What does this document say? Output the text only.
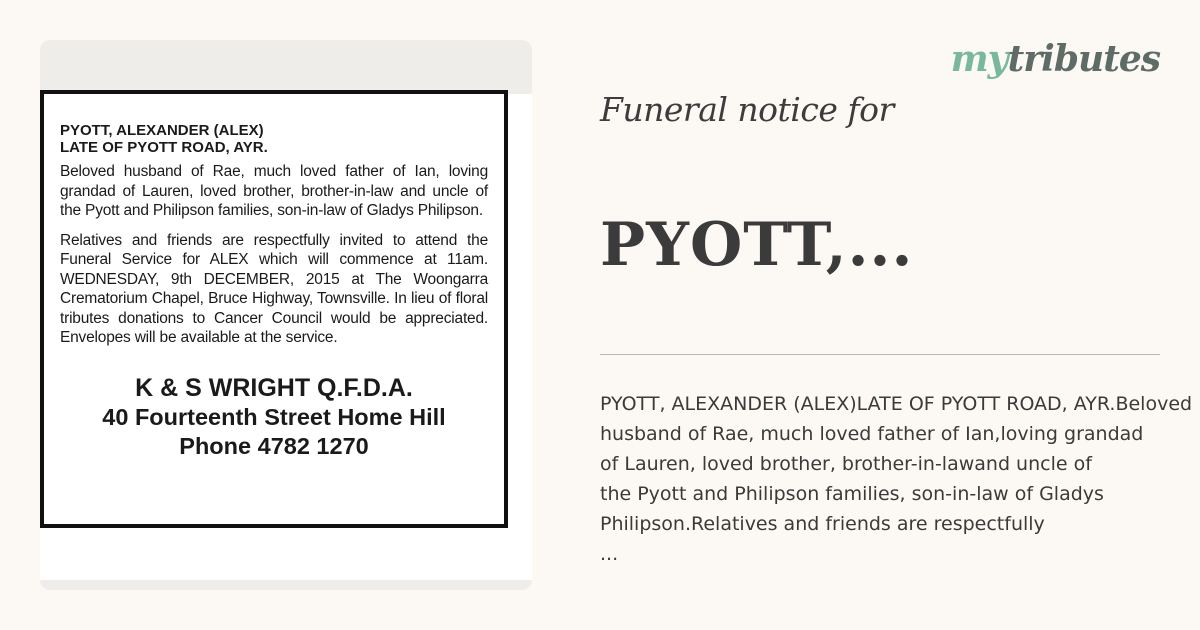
PYOTT, ALEXANDER (ALEX)

LATE OF PYOTT ROAD, AYR.

Beloved husband of Rae, much loved father of Ian, loving grandad of Lauren, loved brother, brother-in-law and uncle of the Pyott and Philipson families, son-in-law of Gladys Philipson.

Relatives and friends are respectfully invited to attend the Funeral Service for ALEX which will commence at 11am. WEDNESDAY, 9th DECEMBER, 2015 at The Woongarra Crematorium Chapel, Bruce Highway, Townsville. In lieu of floral tributes donations to Cancer Council would be appreciated. Envelopes will be available at the service.

K & S WRIGHT Q.F.D.A.
40 Fourteenth Street Home Hill
Phone 4782 1270
mytributes
Funeral notice for
PYOTT,...

PYOTT, ALEXANDER (ALEX)LATE OF PYOTT ROAD, AYR.Beloved

husband of Rae, much loved father of Ian,loving grandad

of Lauren, loved brother, brother-in-lawand uncle of

the Pyott and Philipson families, son-in-law of Gladys

Philipson.Relatives and friends are respectfully

...
